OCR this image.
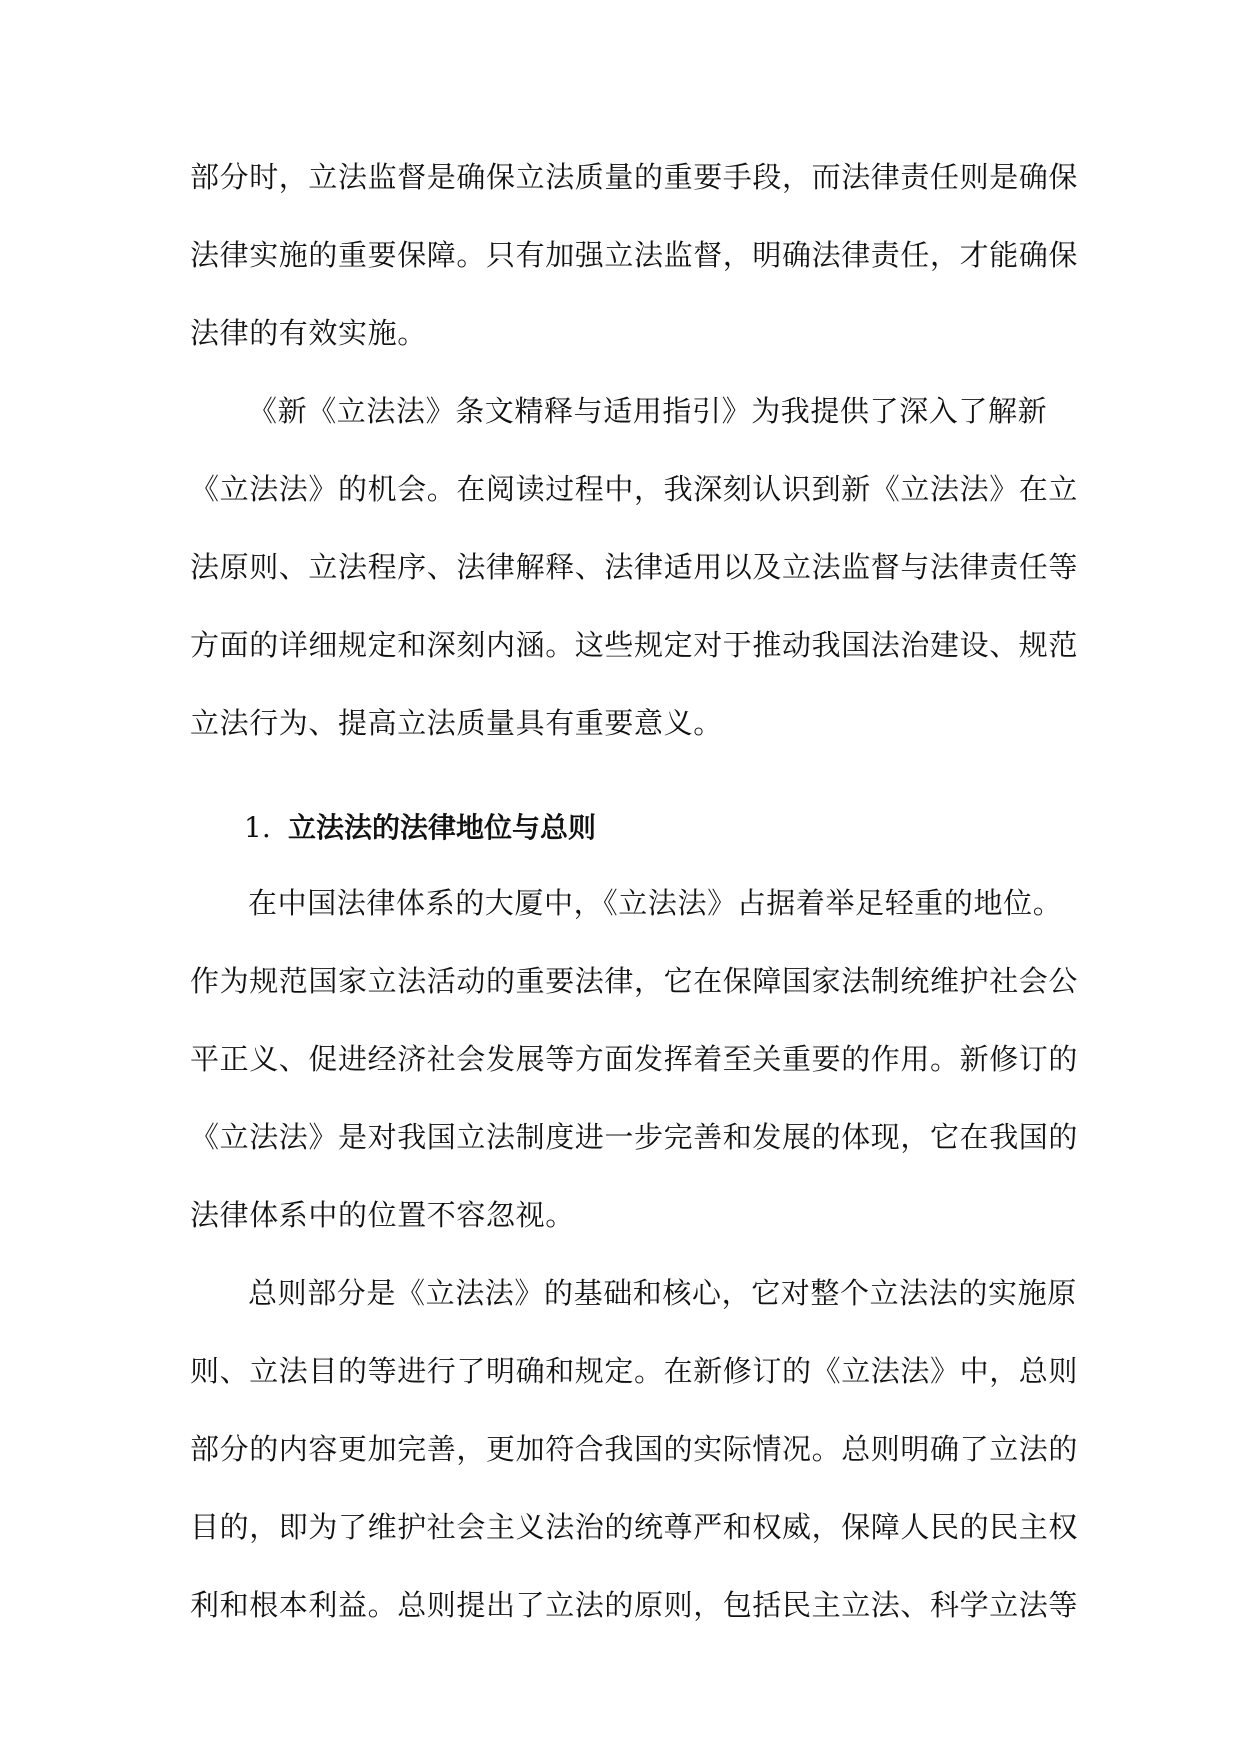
部分时，立法监督是确保立法质量的重要手段，而法律责任则是确保
法律实施的重要保障。只有加强立法监督，明确法律责任，才能确保
法律的有效实施。
《新《立法法》条文精释与适用指引》为我提供了深入了解新
《立法法》的机会。在阅读过程中，我深刻认识到新《立法法》在立
法原则、立法程序、法律解释、法律适用以及立法监督与法律责任等
方面的详细规定和深刻内涵。这些规定对于推动我国法治建设、规范
立法行为、提高立法质量具有重要意义。
1. 立法法的法律地位与总则
在中国法律体系的大厦中，《立法法》占据着举足轻重的地位。
作为规范国家立法活动的重要法律，它在保障国家法制统维护社会公
平正义、促进经济社会发展等方面发挥着至关重要的作用。新修订的
《立法法》是对我国立法制度进一步完善和发展的体现，它在我国的
法律体系中的位置不容忽视。
总则部分是《立法法》的基础和核心，它对整个立法法的实施原
则、立法目的等进行了明确和规定。在新修订的《立法法》中，总则
部分的内容更加完善，更加符合我国的实际情况。总则明确了立法的
目的，即为了维护社会主义法治的统尊严和权威，保障人民的民主权
利和根本利益。总则提出了立法的原则，包括民主立法、科学立法等
